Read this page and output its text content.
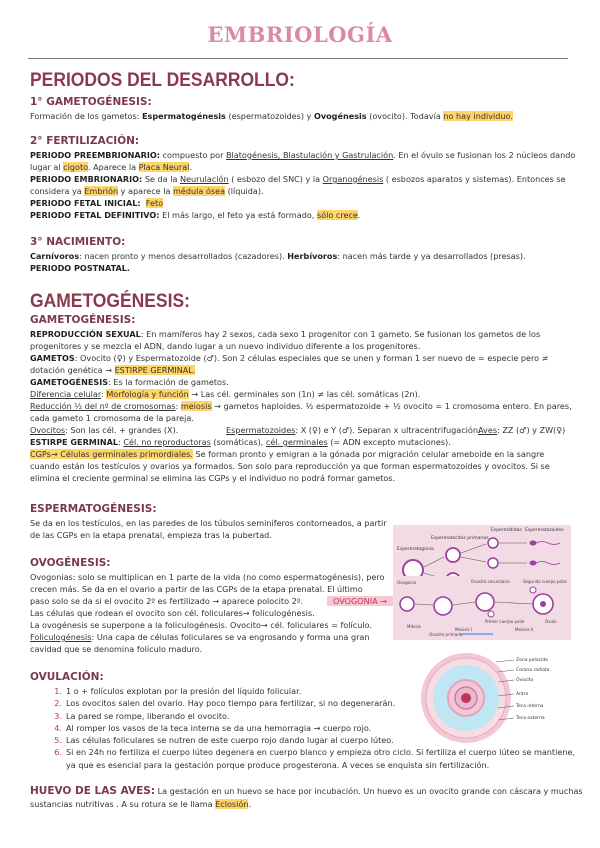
EMBRIOLOGÍA
PERIODOS DEL DESARROLLO:
1° GAMETOGÉNESIS:
Formación de los gametos: Espermatogénesis (espermatozoides) y Ovogénesis (ovocito). Todavía no hay individuo.
2° FERTILIZACIÓN:
PERIODO PREEMBRIONARIO: compuesto por Blatogénesis, Blastulación y Gastrulación. En el óvulo se fusionan los 2 núcleos dando
lugar al cigoto. Aparece la Placa Neural.
PERIODO EMBRIONARIO: Se da la Neurulación ( esbozo del SNC) y la Organogénesis ( esbozos aparatos y sistemas). Entonces se
considera ya Embrión y aparece la médula ósea (líquida).
PERIODO FETAL INICIAL: Feto
PERIODO FETAL DEFINITIVO: El más largo, el feto ya está formado, sólo crece.
3° NACIMIENTO:
Carnívoros: nacen pronto y menos desarrollados (cazadores). Herbívoros: nacen más tarde y ya desarrollados (presas).
PERIODO POSTNATAL.
GAMETOGÉNESIS:
GAMETOGÉNESIS:
REPRODUCCIÓN SEXUAL: En mamíferos hay 2 sexos, cada sexo 1 progenitor con 1 gameto. Se fusionan los gametos de los
progenitores y se mezcla el ADN, dando lugar a un nuevo individuo diferente a los progenitores.
GAMETOS: Ovocito (♀) y Espermatozoide (♂). Son 2 células especiales que se unen y forman 1 ser nuevo de = especie pero ≠
dotación genética → ESTIRPE GERMINAL.
GAMETOGÉNESIS: Es la formación de gametos.
Diferencia celular: Morfología y función → Las cél. germinales son (1n) ≠ las cél. somáticas (2n).
Reducción ½ del nº de cromosomas: meiosis → gametos haploides. ½ espermatozoide + ½ ovocito = 1 cromosoma entero. En pares,
cada gameto 1 cromosoma de la pareja.
Ovocitos: Son las cél. + grandes (X).	Espermatozoides: X (♀) e Y (♂). Separan x ultracentrifugación.
Aves: ZZ (♂) y ZW(♀)
ESTIRPE GERMINAL: Cél. no reproductoras (somáticas), cél. germinales (= ADN excepto mutaciones).
CGPs→ Células germinales primordiales. Se forman pronto y emigran a la gónada por migración celular ameboide en la sangre
cuando están los testículos y ovarios ya formados. Son solo para reproducción ya que forman espermatozoides y ovocitos. Si se
elimina el creciente germinal se elimina las CGPs y el individuo no podrá formar gametos.
ESPERMATOGÉNESIS:
Se da en los testículos, en las paredes de los túbulos seminíferos contorneados, a partir
de las CGPs en la etapa prenatal, empieza tras la pubertad.	Espermátidas Espermatozoides
Espermatogonia
Espermatocitos primarios
OVOGÉNESIS:
Ovogonias: solo se multiplican en 1 parte de la vida (no como espermatogénesis), pero
crecen más. Se da en el ovario a partir de las CGPs de la etapa prenatal. El último
paso solo se da si el ovocito 2º es fertilizado → aparece polocito 2º.	OVOGONIA →
Las células que rodean el ovocito son cél. foliculares→ foliculogénesis.
La ovogénesis se superpone a la foliculogénesis. Ovocito→ cél. foliculares = folículo.
Foliculogénesis: Una capa de células foliculares se va engrosando y forma una gran
cavidad que se denomina folículo maduro.
Mitosis
Meiosis I	Meiosis II
Ovogonia	Ovocito secundario
Ovocito primario
Segundo cuerpo polar
Primer cuerpo polar	Óvulo
Zona pelúcida
Corona radiata
Ovocito
Antro
Teca interna
Teca externa
OVULACIÓN:
1. 1 o + folículos explotan por la presión del líquido folicular.
2. Los ovocitos salen del ovario. Hay poco tiempo para fertilizar, si no degenerarán.
3. La pared se rompe, liberando el ovocito.
4. Al romper los vasos de la teca interna se da una hemorragia → cuerpo rojo.
5. Las células foliculares se nutren de este cuerpo rojo dando lugar al cuerpo lúteo.
6. Si en 24h no fertiliza el cuerpo lúteo degenera en cuerpo blanco y empieza otro ciclo. Si fertiliza el cuerpo lúteo se mantiene,
ya que es esencial para la gestación porque produce progesterona. A veces se enquista sin fertilización.
HUEVO DE LAS AVES: La gestación en un huevo se hace por incubación. Un huevo es un ovocito grande con cáscara y muchas
sustancias nutritivas . A su rotura se le llama Eclosión.
